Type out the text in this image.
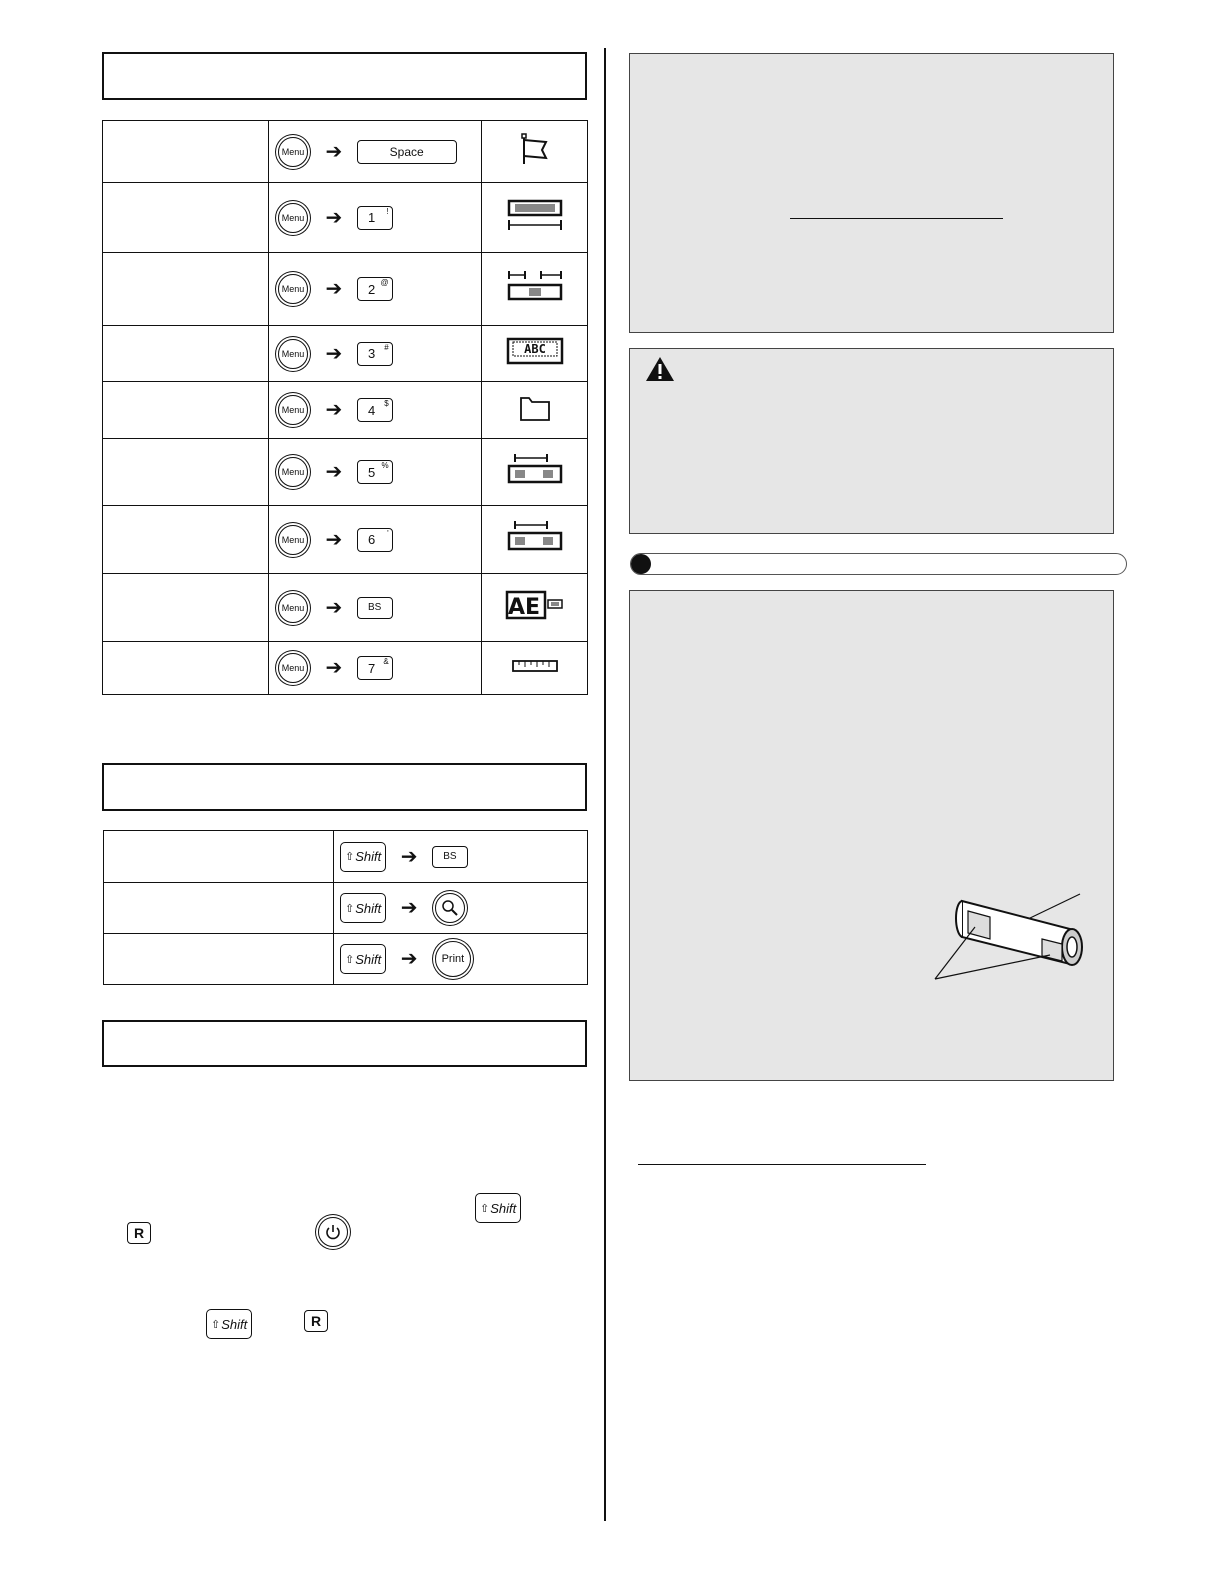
	Menu ➔ Space	
	Menu ➔ 1 !

	Menu ➔ 2 @

	Menu ➔ 3 #	ABC

	Menu ➔ 4 $

	Menu ➔ 5 %

	Menu ➔ 6 '

	Menu ➔ BS	AE

	Menu ➔ 7 &

	⇧ Shift ➔ BS

	⇧ Shift ➔

	⇧ Shift ➔ Print
⇧ Shift
R
⇧ Shift	R
